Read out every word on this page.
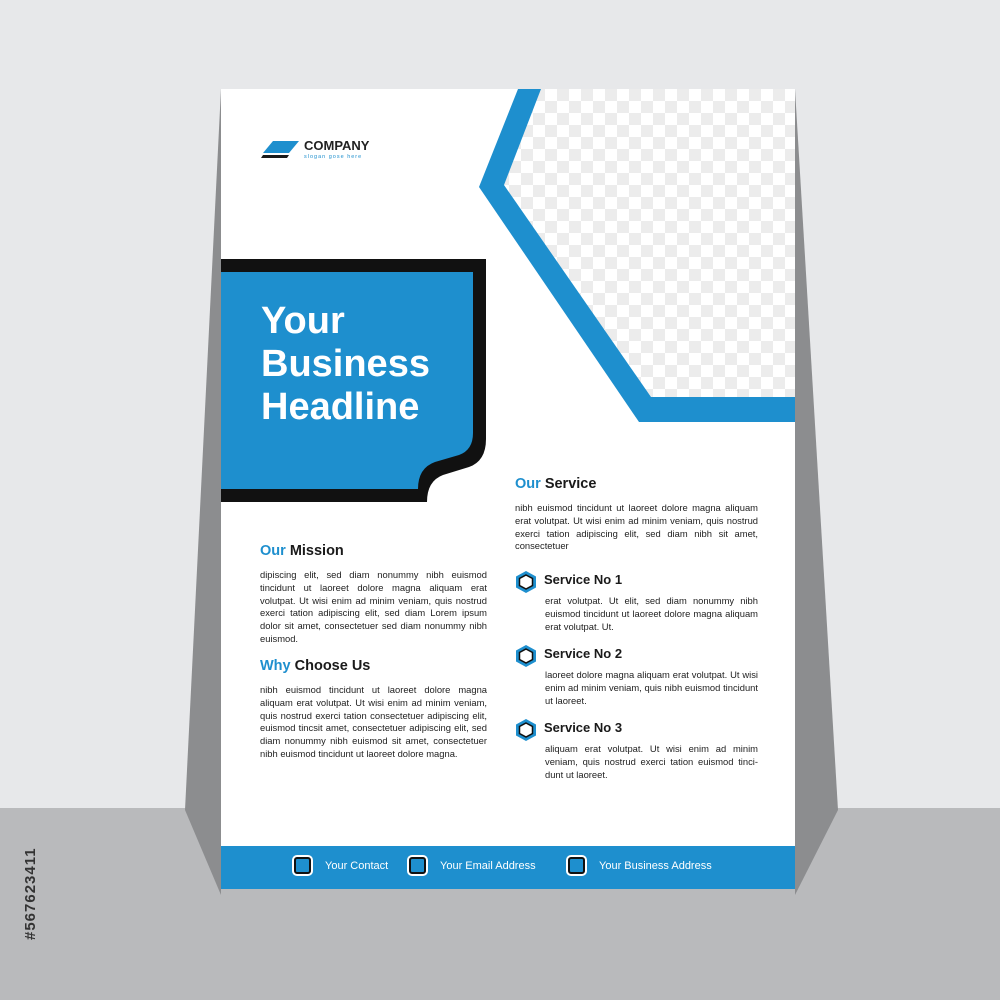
#567623411
COMPANY
slogan gose here
Your
Business
Headline
Our Mission
dipiscing elit, sed diam nonummy nibh euismod tincidunt ut laoreet dolore magna aliquam erat volutpat. Ut wisi enim ad minim veniam, quis nostrud exerci tation adipiscing elit, sed diam Lorem ipsum dolor sit amet, consectetuer sed diam nonummy nibh euismod.
Why Choose Us
nibh euismod tincidunt ut laoreet dolore magna aliquam erat volutpat. Ut wisi enim ad minim veniam, quis nostrud exerci tation consectetuer adipiscing elit, euismod tincsit amet, consectetuer adipiscing elit, sed diam nonummy nibh euismod sit amet, consectetuer nibh euismod tincidunt ut laoreet dolore magna.
Our Service
nibh euismod tincidunt ut laoreet dolore magna aliquam erat volutpat. Ut wisi enim ad minim veniam, quis nostrud exerci tation adipiscing elit, sed diam nibh sit amet, consectetuer
Service No 1
erat volutpat. Ut elit, sed diam nonummy nibh euismod tincidunt ut laoreet dolore magna aliquam erat volutpat. Ut.
Service No 2
laoreet dolore magna aliquam erat volutpat. Ut wisi enim ad minim veniam, quis nibh euismod tincidunt ut laoreet.
Service No 3
aliquam erat volutpat. Ut wisi enim ad minim veniam, quis nostrud exerci tation euismod tinci-dunt ut laoreet.
Your Contact	Your Email Address	Your Business Address
